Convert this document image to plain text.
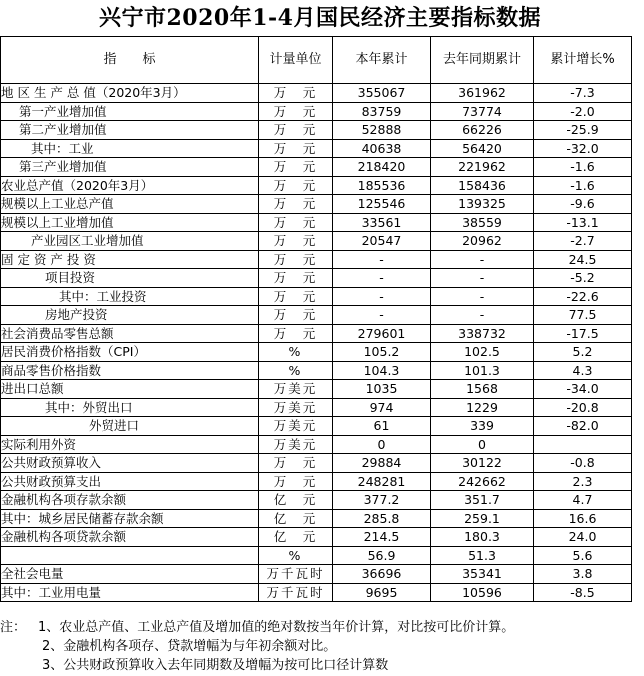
兴宁市2020年1-4月国民经济主要指标数据
指　　标	计量单位	本年累计	去年同期累计	累计增长%
地 区 生 产 总 值（2020年3月）	万　元	355067	361962	-7.3
第一产业增加值	万　元	83759	73774	-2.0
第二产业增加值	万　元	52888	66226	-25.9
其中：工业	万　元	40638	56420	-32.0
第三产业增加值	万　元	218420	221962	-1.6
农业总产值（2020年3月）	万　元	185536	158436	-1.6
规模以上工业总产值	万　元	125546	139325	-9.6
规模以上工业增加值	万　元	33561	38559	-13.1
产业园区工业增加值	万　元	20547	20962	-2.7
固 定 资 产 投 资	万　元	-	-	24.5
项目投资	万　元	-	-	-5.2
其中：工业投资	万　元	-	-	-22.6
房地产投资	万　元	-	-	77.5
社会消费品零售总额	万　元	279601	338732	-17.5
居民消费价格指数（CPI）	%	105.2	102.5	5.2
商品零售价格指数	%	104.3	101.3	4.3
进出口总额	万美元	1035	1568	-34.0
其中：外贸出口	万美元	974	1229	-20.8
外贸进口	万美元	61	339	-82.0
实际利用外资	万美元	0	0	
公共财政预算收入	万　元	29884	30122	-0.8
公共财政预算支出	万　元	248281	242662	2.3
金融机构各项存款余额	亿　元	377.2	351.7	4.7
其中：城乡居民储蓄存款余额	亿　元	285.8	259.1	16.6
金融机构各项贷款余额	亿　元	214.5	180.3	24.0
	%	56.9	51.3	5.6
全社会电量	万千瓦时	36696	35341	3.8
其中：工业用电量	万千瓦时	9695	10596	-8.5
注： 1、农业总产值、工业总产值及增加值的绝对数按当年价计算，对比按可比价计算。
2、金融机构各项存、贷款增幅为与年初余额对比。
3、公共财政预算收入去年同期数及增幅为按可比口径计算数
